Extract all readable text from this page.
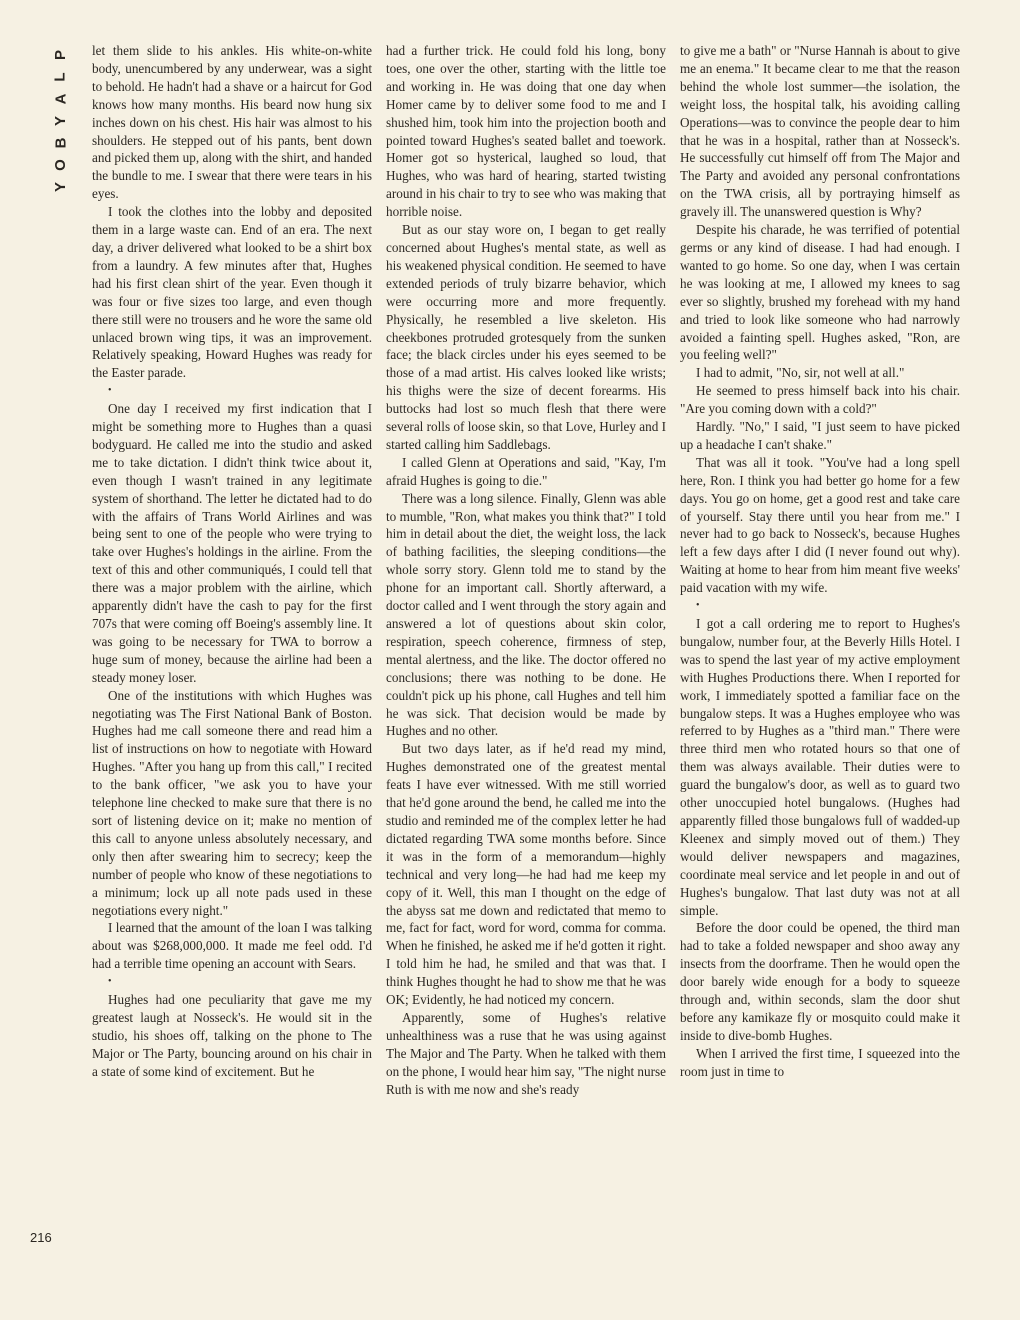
P
L
A
Y
B
O
Y
216

let them slide to his ankles. His white-on-white body, unencumbered by any underwear, was a sight to behold. He hadn't had a shave or a haircut for God knows how many months. His beard now hung six inches down on his chest. His hair was almost to his shoulders. He stepped out of his pants, bent down and picked them up, along with the shirt, and handed the bundle to me. I swear that there were tears in his eyes.

I took the clothes into the lobby and deposited them in a large waste can. End of an era. The next day, a driver delivered what looked to be a shirt box from a laundry. A few minutes after that, Hughes had his first clean shirt of the year. Even though it was four or five sizes too large, and even though there still were no trousers and he wore the same old unlaced brown wing tips, it was an improvement. Relatively speaking, Howard Hughes was ready for the Easter parade.

•

One day I received my first indication that I might be something more to Hughes than a quasi bodyguard. He called me into the studio and asked me to take dictation. I didn't think twice about it, even though I wasn't trained in any legitimate system of shorthand. The letter he dictated had to do with the affairs of Trans World Airlines and was being sent to one of the people who were trying to take over Hughes's holdings in the airline. From the text of this and other communiqués, I could tell that there was a major problem with the airline, which apparently didn't have the cash to pay for the first 707s that were coming off Boeing's assembly line. It was going to be necessary for TWA to borrow a huge sum of money, because the airline had been a steady money loser.

One of the institutions with which Hughes was negotiating was The First National Bank of Boston. Hughes had me call someone there and read him a list of instructions on how to negotiate with Howard Hughes. "After you hang up from this call," I recited to the bank officer, "we ask you to have your telephone line checked to make sure that there is no sort of listening device on it; make no mention of this call to anyone unless absolutely necessary, and only then after swearing him to secrecy; keep the number of people who know of these negotiations to a minimum; lock up all note pads used in these negotiations every night."

I learned that the amount of the loan I was talking about was $268,000,000. It made me feel odd. I'd had a terrible time opening an account with Sears.

•

Hughes had one peculiarity that gave me my greatest laugh at Nosseck's. He would sit in the studio, his shoes off, talking on the phone to The Major or The Party, bouncing around on his chair in a state of some kind of excitement. But he

had a further trick. He could fold his long, bony toes, one over the other, starting with the little toe and working in. He was doing that one day when Homer came by to deliver some food to me and I shushed him, took him into the projection booth and pointed toward Hughes's seated ballet and toework. Homer got so hysterical, laughed so loud, that Hughes, who was hard of hearing, started twisting around in his chair to try to see who was making that horrible noise.

But as our stay wore on, I began to get really concerned about Hughes's mental state, as well as his weakened physical condition. He seemed to have extended periods of truly bizarre behavior, which were occurring more and more frequently. Physically, he resembled a live skeleton. His cheekbones protruded grotesquely from the sunken face; the black circles under his eyes seemed to be those of a mad artist. His calves looked like wrists; his thighs were the size of decent forearms. His buttocks had lost so much flesh that there were several rolls of loose skin, so that Love, Hurley and I started calling him Saddlebags.

I called Glenn at Operations and said, "Kay, I'm afraid Hughes is going to die."

There was a long silence. Finally, Glenn was able to mumble, "Ron, what makes you think that?" I told him in detail about the diet, the weight loss, the lack of bathing facilities, the sleeping conditions—the whole sorry story. Glenn told me to stand by the phone for an important call. Shortly afterward, a doctor called and I went through the story again and answered a lot of questions about skin color, respiration, speech coherence, firmness of step, mental alertness, and the like. The doctor offered no conclusions; there was nothing to be done. He couldn't pick up his phone, call Hughes and tell him he was sick. That decision would be made by Hughes and no other.

But two days later, as if he'd read my mind, Hughes demonstrated one of the greatest mental feats I have ever witnessed. With me still worried that he'd gone around the bend, he called me into the studio and reminded me of the complex letter he had dictated regarding TWA some months before. Since it was in the form of a memorandum—highly technical and very long—he had had me keep my copy of it. Well, this man I thought on the edge of the abyss sat me down and redictated that memo to me, fact for fact, word for word, comma for comma. When he finished, he asked me if he'd gotten it right. I told him he had, he smiled and that was that. I think Hughes thought he had to show me that he was OK; Evidently, he had noticed my concern.

Apparently, some of Hughes's relative unhealthiness was a ruse that he was using against The Major and The Party. When he talked with them on the phone, I would hear him say, "The night nurse Ruth is with me now and she's ready

to give me a bath" or "Nurse Hannah is about to give me an enema." It became clear to me that the reason behind the whole lost summer—the isolation, the weight loss, the hospital talk, his avoiding calling Operations—was to convince the people dear to him that he was in a hospital, rather than at Nosseck's. He successfully cut himself off from The Major and The Party and avoided any personal confrontations on the TWA crisis, all by portraying himself as gravely ill. The unanswered question is Why?

Despite his charade, he was terrified of potential germs or any kind of disease. I had had enough. I wanted to go home. So one day, when I was certain he was looking at me, I allowed my knees to sag ever so slightly, brushed my forehead with my hand and tried to look like someone who had narrowly avoided a fainting spell. Hughes asked, "Ron, are you feeling well?"

I had to admit, "No, sir, not well at all."

He seemed to press himself back into his chair. "Are you coming down with a cold?"

Hardly. "No," I said, "I just seem to have picked up a headache I can't shake."

That was all it took. "You've had a long spell here, Ron. I think you had better go home for a few days. You go on home, get a good rest and take care of yourself. Stay there until you hear from me." I never had to go back to Nosseck's, because Hughes left a few days after I did (I never found out why). Waiting at home to hear from him meant five weeks' paid vacation with my wife.

•

I got a call ordering me to report to Hughes's bungalow, number four, at the Beverly Hills Hotel. I was to spend the last year of my active employment with Hughes Productions there. When I reported for work, I immediately spotted a familiar face on the bungalow steps. It was a Hughes employee who was referred to by Hughes as a "third man." There were three third men who rotated hours so that one of them was always available. Their duties were to guard the bungalow's door, as well as to guard two other unoccupied hotel bungalows. (Hughes had apparently filled those bungalows full of wadded-up Kleenex and simply moved out of them.) They would deliver newspapers and magazines, coordinate meal service and let people in and out of Hughes's bungalow. That last duty was not at all simple.

Before the door could be opened, the third man had to take a folded newspaper and shoo away any insects from the doorframe. Then he would open the door barely wide enough for a body to squeeze through and, within seconds, slam the door shut before any kamikaze fly or mosquito could make it inside to dive-bomb Hughes.

When I arrived the first time, I squeezed into the room just in time to
